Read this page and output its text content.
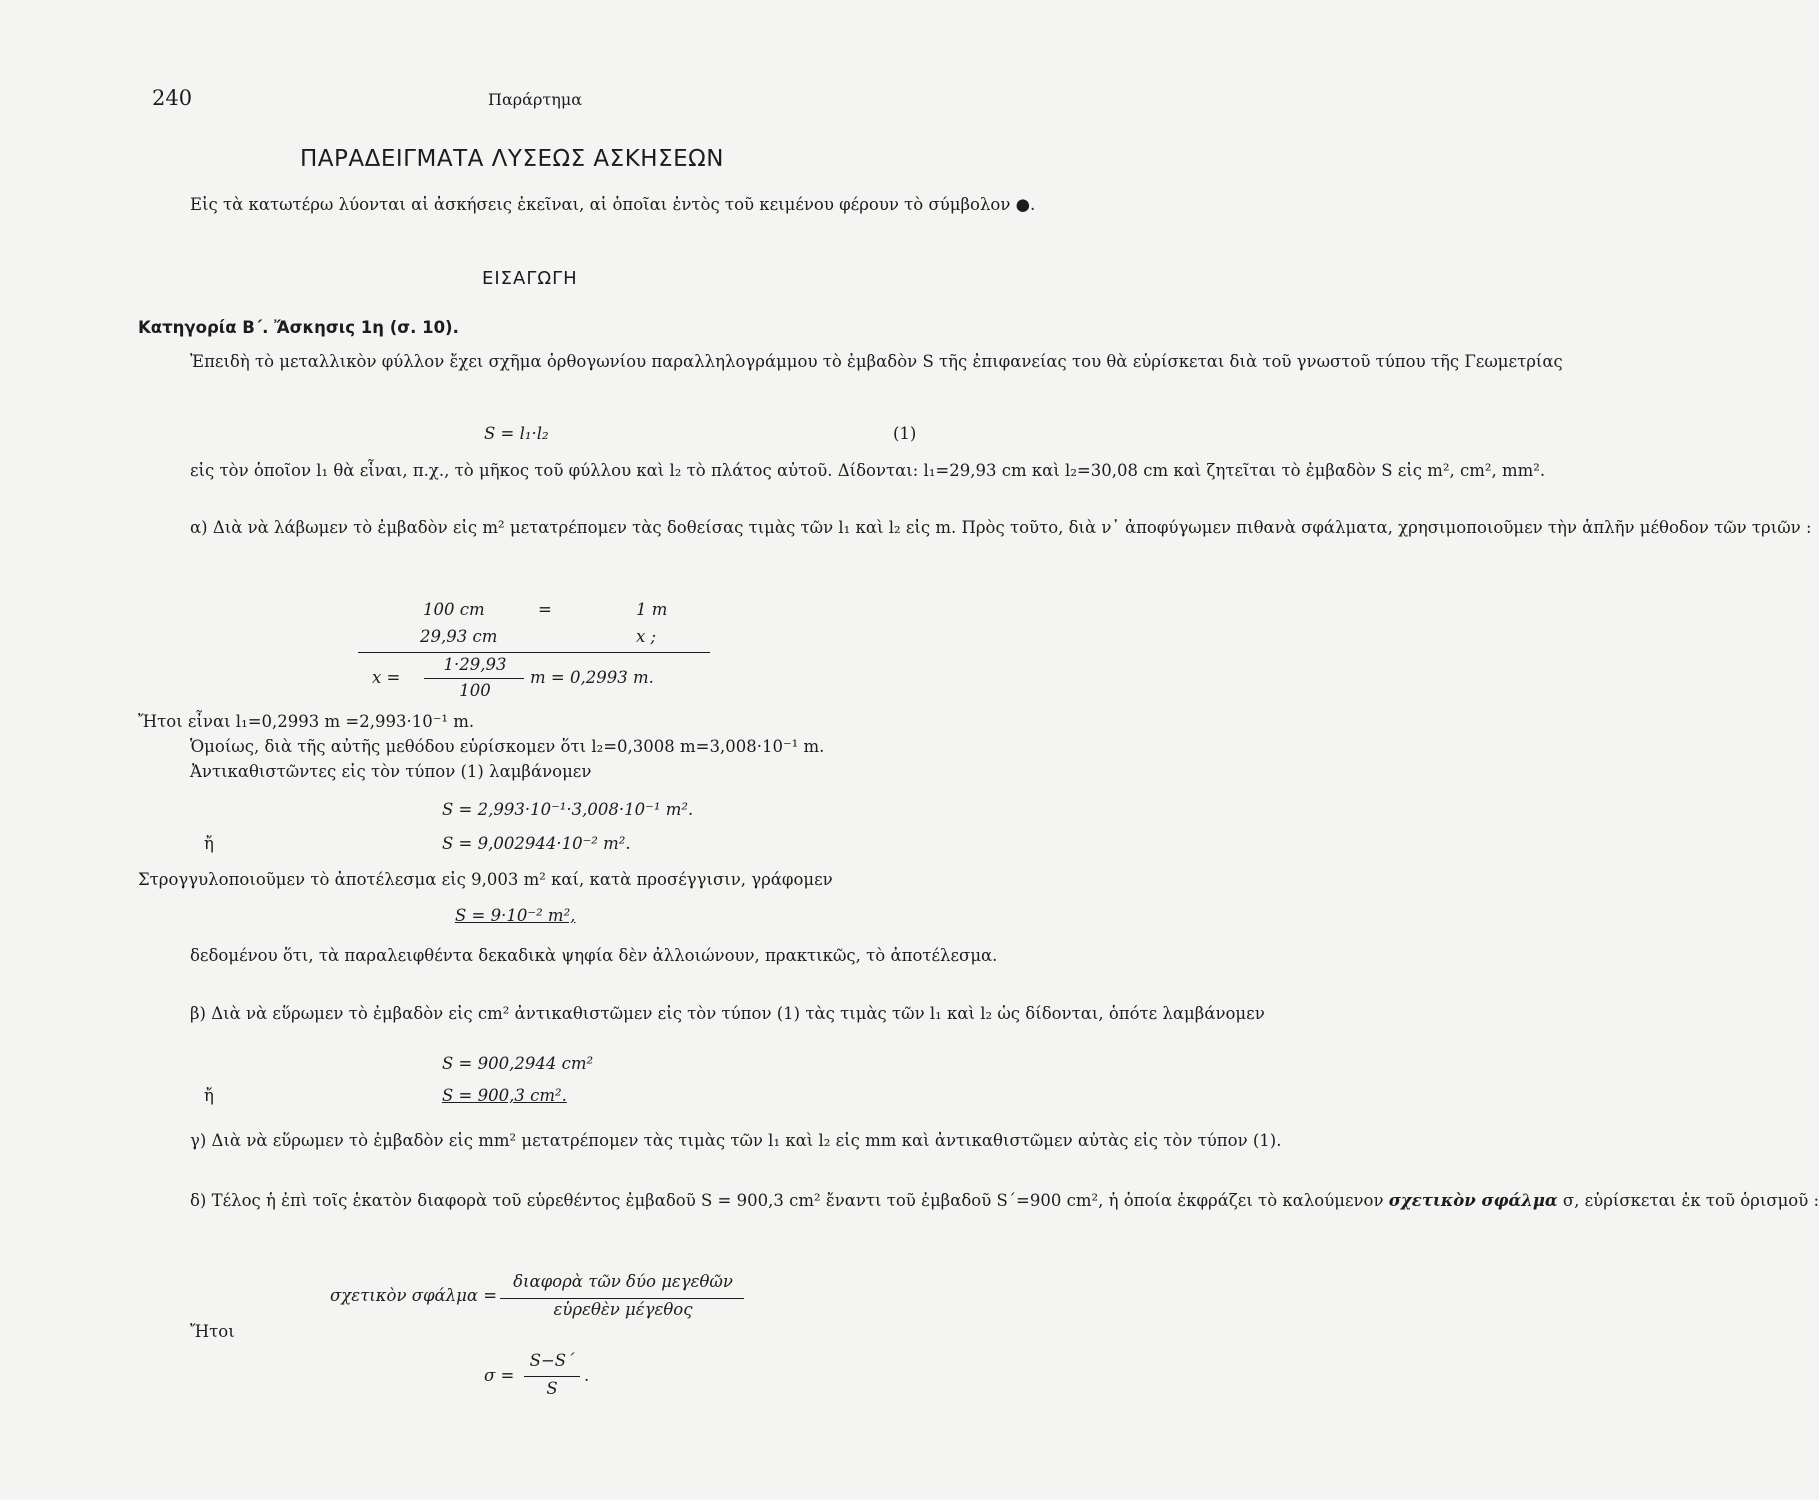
240	Παράρτημα
ΠΑΡΑΔΕΙΓΜΑΤΑ ΛΥΣΕΩΣ ΑΣΚΗΣΕΩΝ
Εἰς τὰ κατωτέρω λύονται αἱ ἀσκήσεις ἐκεῖναι, αἱ ὁποῖαι ἐντὸς τοῦ κειμένου φέρουν τὸ σύμβολον ●.
ΕΙΣΑΓΩΓΗ
Κατηγορία Β΄. Ἄσκησις 1η (σ. 10).
Ἐπειδὴ τὸ μεταλλικὸν φύλλον ἔχει σχῆμα ὀρθογωνίου παραλληλογράμμου τὸ ἐμβαδὸν S τῆς ἐπιφανείας του θὰ εὑρίσκεται διὰ τοῦ γνωστοῦ τύπου τῆς Γεωμετρίας
S = l₁·l₂	(1)
εἰς τὸν ὁποῖον l₁ θὰ εἶναι, π.χ., τὸ μῆκος τοῦ φύλλου καὶ l₂ τὸ πλάτος αὐτοῦ. Δίδονται: l₁=29,93 cm καὶ l₂=30,08 cm καὶ ζητεῖται τὸ ἐμβαδὸν S εἰς m², cm², mm².
α) Διὰ νὰ λάβωμεν τὸ ἐμβαδὸν εἰς m² μετατρέπομεν τὰς δοθείσας τιμὰς τῶν l₁ καὶ l₂ εἰς m. Πρὸς τοῦτο, διὰ ν᾽ ἀποφύγωμεν πιθανὰ σφάλματα, χρησιμοποιοῦμεν τὴν ἁπλῆν μέθοδον τῶν τριῶν :
100 cm	=	1 m
29,93 cm	x ;
x =
1·29,93
100
m = 0,2993 m.
Ἤτοι εἶναι l₁=0,2993 m =2,993·10⁻¹ m.
Ὁμοίως, διὰ τῆς αὐτῆς μεθόδου εὑρίσκομεν ὅτι l₂=0,3008 m=3,008·10⁻¹ m.
Ἀντικαθιστῶντες εἰς τὸν τύπον (1) λαμβάνομεν
S = 2,993·10⁻¹·3,008·10⁻¹ m².
ἤ	S = 9,002944·10⁻² m².
Στρογγυλοποιοῦμεν τὸ ἀποτέλεσμα εἰς 9,003 m² καί, κατὰ προσέγγισιν, γράφομεν
S = 9·10⁻² m²,
δεδομένου ὅτι, τὰ παραλειφθέντα δεκαδικὰ ψηφία δὲν ἀλλοιώνουν, πρακτικῶς, τὸ ἀποτέλεσμα.
β) Διὰ νὰ εὕρωμεν τὸ ἐμβαδὸν εἰς cm² ἀντικαθιστῶμεν εἰς τὸν τύπον (1) τὰς τιμὰς τῶν l₁ καὶ l₂ ὡς δίδονται, ὁπότε λαμβάνομεν
S = 900,2944 cm²
ἤ	S = 900,3 cm².
γ) Διὰ νὰ εὕρωμεν τὸ ἐμβαδὸν εἰς mm² μετατρέπομεν τὰς τιμὰς τῶν l₁ καὶ l₂ εἰς mm καὶ ἀντικαθιστῶμεν αὐτὰς εἰς τὸν τύπον (1).
δ) Τέλος ἡ ἐπὶ τοῖς ἑκατὸν διαφορὰ τοῦ εὑρεθέντος ἐμβαδοῦ S = 900,3 cm² ἔναντι τοῦ ἐμβαδοῦ S΄=900 cm², ἡ ὁποία ἐκφράζει τὸ καλούμενον σχετικὸν σφάλμα σ, εὑρίσκεται ἐκ τοῦ ὁρισμοῦ :
σχετικὸν σφάλμα =
διαφορὰ τῶν δύο μεγεθῶν
εὑρεθὲν μέγεθος
Ἤτοι
σ =
S−S΄
S
.
